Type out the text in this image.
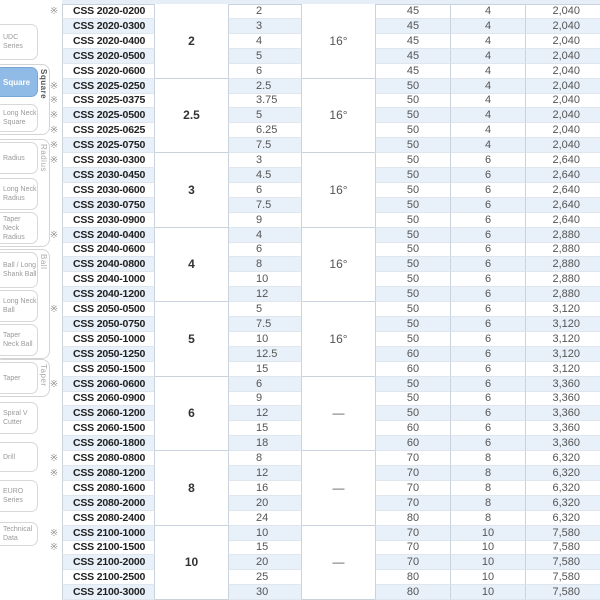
Square
Radius
Ball
Taper
UDC Series
Square
Long Neck Square
Radius
Long Neck Radius
Taper Neck Radius
Ball / Long Shank Ball
Long Neck Ball
Taper Neck Ball
Taper
Spiral V Cutter
Drill
EURO Series
Technical Data
2	16°
※	CSS 2020-0200	2	45	4	2,040
CSS 2020-0300	3	45	4	2,040
CSS 2020-0400	4	45	4	2,040
CSS 2020-0500	5	45	4	2,040
CSS 2020-0600	6	45	4	2,040
2.5	16°
※	CSS 2025-0250	2.5	50	4	2,040
※	CSS 2025-0375	3.75	50	4	2,040
※	CSS 2025-0500	5	50	4	2,040
※	CSS 2025-0625	6.25	50	4	2,040
※	CSS 2025-0750	7.5	50	4	2,040
3	16°
※	CSS 2030-0300	3	50	6	2,640
CSS 2030-0450	4.5	50	6	2,640
CSS 2030-0600	6	50	6	2,640
CSS 2030-0750	7.5	50	6	2,640
CSS 2030-0900	9	50	6	2,640
4	16°
※	CSS 2040-0400	4	50	6	2,880
CSS 2040-0600	6	50	6	2,880
CSS 2040-0800	8	50	6	2,880
CSS 2040-1000	10	50	6	2,880
CSS 2040-1200	12	50	6	2,880
5	16°
※	CSS 2050-0500	5	50	6	3,120
CSS 2050-0750	7.5	50	6	3,120
CSS 2050-1000	10	50	6	3,120
CSS 2050-1250	12.5	60	6	3,120
CSS 2050-1500	15	60	6	3,120
6	—
※	CSS 2060-0600	6	50	6	3,360
CSS 2060-0900	9	50	6	3,360
CSS 2060-1200	12	50	6	3,360
CSS 2060-1500	15	60	6	3,360
CSS 2060-1800	18	60	6	3,360
8	—
※	CSS 2080-0800	8	70	8	6,320
※	CSS 2080-1200	12	70	8	6,320
CSS 2080-1600	16	70	8	6,320
CSS 2080-2000	20	70	8	6,320
CSS 2080-2400	24	80	8	6,320
10	—
※	CSS 2100-1000	10	70	10	7,580
※	CSS 2100-1500	15	70	10	7,580
CSS 2100-2000	20	70	10	7,580
CSS 2100-2500	25	80	10	7,580
CSS 2100-3000	30	80	10	7,580
